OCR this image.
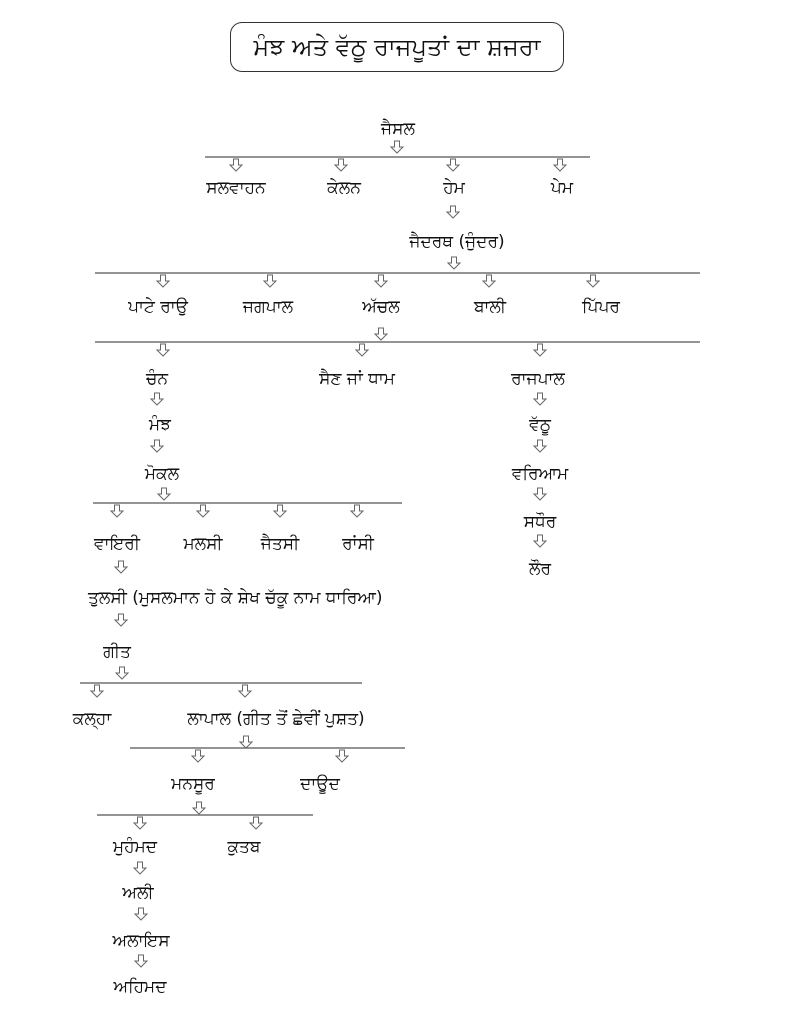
ਮੰਝ ਅਤੇ ਵੱਠੂ ਰਾਜਪੂਤਾਂ ਦਾ ਸ਼ਜਰਾ
ਜੈਸਲ
ਸਲਵਾਹਨ	ਕੇਲਨ	ਹੇਮ	ਪੇਮ
ਜੈਦਰਥ (ਜੁੰਦਰ)
ਪਾਟੇ ਰਾਉ	ਜਗਪਾਲ	ਅੱਚਲ	ਬਾਲੀ	ਪਿੱਪਰ
ਚੰਨ	ਸੈਣ ਜਾਂ ਧਾਮ	ਰਾਜਪਾਲ
ਮੰਝ	ਵੱਠੂ
ਮੋਕਲ	ਵਰਿਆਮ
ਸਧੌਰ
ਵਾਇਰੀ	ਮਲਸੀ ਜੈਤਸੀ	ਰਾਂਸੀ
ਲੌਰ
ਤੁਲਸੀ (ਮੁਸਲਮਾਨ ਹੋ ਕੇ ਸ਼ੇਖ ਚੱਕੂ ਨਾਮ ਧਾਰਿਆ)
ਗੀਤ
ਕਲ੍ਹਾ	ਲਾਪਾਲ (ਗੀਤ ਤੋਂ ਛੇਵੀਂ ਪੁਸ਼ਤ)
ਮਨਸੂਰ	ਦਾਊਦ
ਮੁਹੰਮਦ	ਕੁਤਬ
ਅਲੀ
ਅਲਾਇਸ
ਅਹਿਮਦ
